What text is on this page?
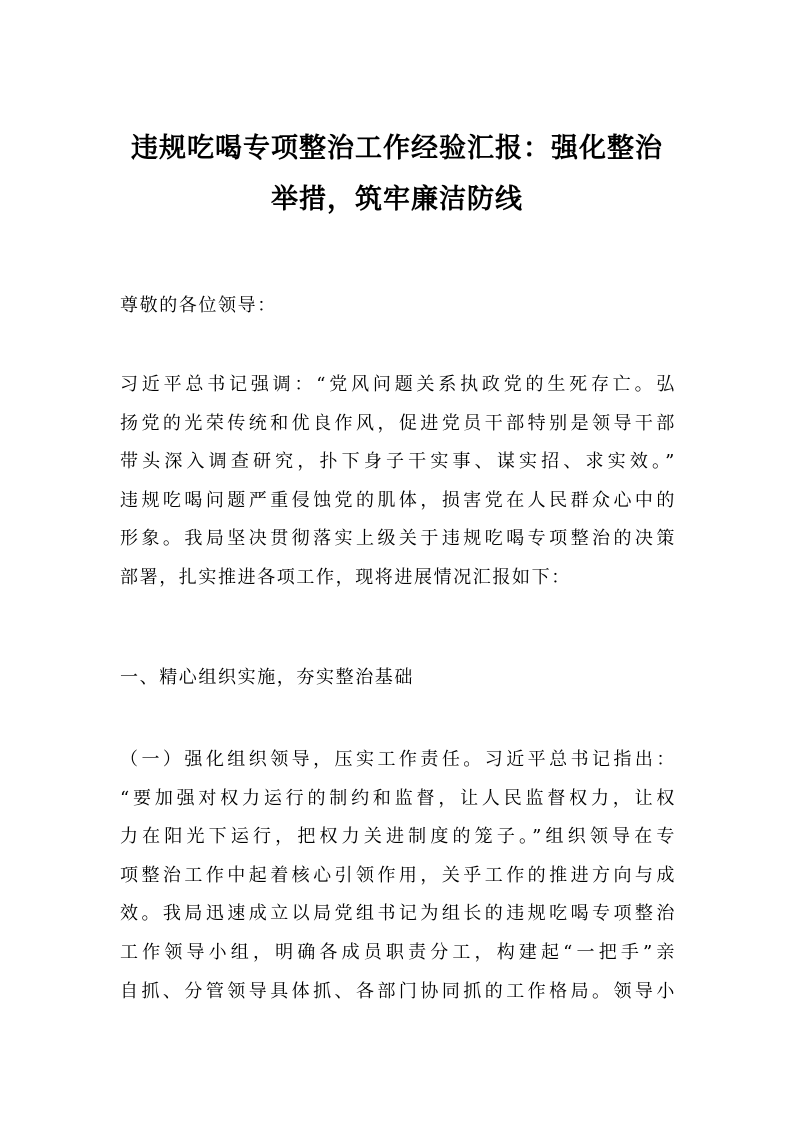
违规吃喝专项整治工作经验汇报：强化整治
举措，筑牢廉洁防线

尊敬的各位领导：

习近平总书记强调：“党风问题关系执政党的生死存亡。弘
扬党的光荣传统和优良作风，促进党员干部特别是领导干部
带头深入调查研究，扑下身子干实事、谋实招、求实效。”
违规吃喝问题严重侵蚀党的肌体，损害党在人民群众心中的
形象。我局坚决贯彻落实上级关于违规吃喝专项整治的决策
部署，扎实推进各项工作，现将进展情况汇报如下：

一、精心组织实施，夯实整治基础

（一）强化组织领导，压实工作责任。习近平总书记指出：
“要加强对权力运行的制约和监督，让人民监督权力，让权
力在阳光下运行，把权力关进制度的笼子。”组织领导在专
项整治工作中起着核心引领作用，关乎工作的推进方向与成
效。我局迅速成立以局党组书记为组长的违规吃喝专项整治
工作领导小组，明确各成员职责分工，构建起“一把手”亲
自抓、分管领导具体抓、各部门协同抓的工作格局。领导小
